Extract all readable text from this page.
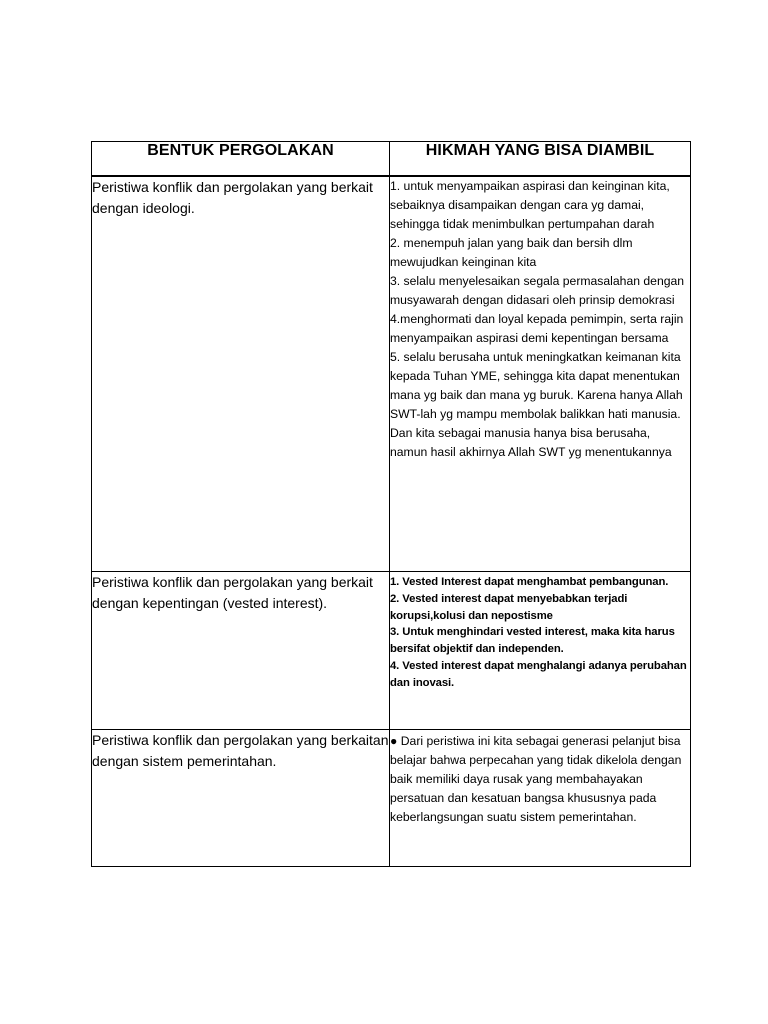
BENTUK PERGOLAKAN	HIKMAH YANG BISA DIAMBIL
Peristiwa konflik dan pergolakan yang berkait dengan ideologi.	1. untuk menyampaikan aspirasi dan keinginan kita, sebaiknya disampaikan dengan cara yg damai, sehingga tidak menimbulkan pertumpahan darah
2. menempuh jalan yang baik dan bersih dlm mewujudkan keinginan kita
3. selalu menyelesaikan segala permasalahan dengan musyawarah dengan didasari oleh prinsip demokrasi
4.menghormati dan loyal kepada pemimpin, serta rajin menyampaikan aspirasi demi kepentingan bersama
5. selalu berusaha untuk meningkatkan keimanan kita kepada Tuhan YME, sehingga kita dapat menentukan mana yg baik dan mana yg buruk. Karena hanya Allah SWT-lah yg mampu membolak balikkan hati manusia. Dan kita sebagai manusia hanya bisa berusaha, namun hasil akhirnya Allah SWT yg menentukannya

Peristiwa konflik dan pergolakan yang berkait dengan kepentingan (vested interest).	1. Vested Interest dapat menghambat pembangunan.
2. Vested interest dapat menyebabkan terjadi korupsi,kolusi dan nepostisme
3. Untuk menghindari vested interest, maka kita harus bersifat objektif dan independen.
4. Vested interest dapat menghalangi adanya perubahan dan inovasi.

Peristiwa konflik dan pergolakan yang berkaitan dengan sistem pemerintahan.	● Dari peristiwa ini kita sebagai generasi pelanjut bisa belajar bahwa perpecahan yang tidak dikelola dengan baik memiliki daya rusak yang membahayakan persatuan dan kesatuan bangsa khususnya pada keberlangsungan suatu sistem pemerintahan.
